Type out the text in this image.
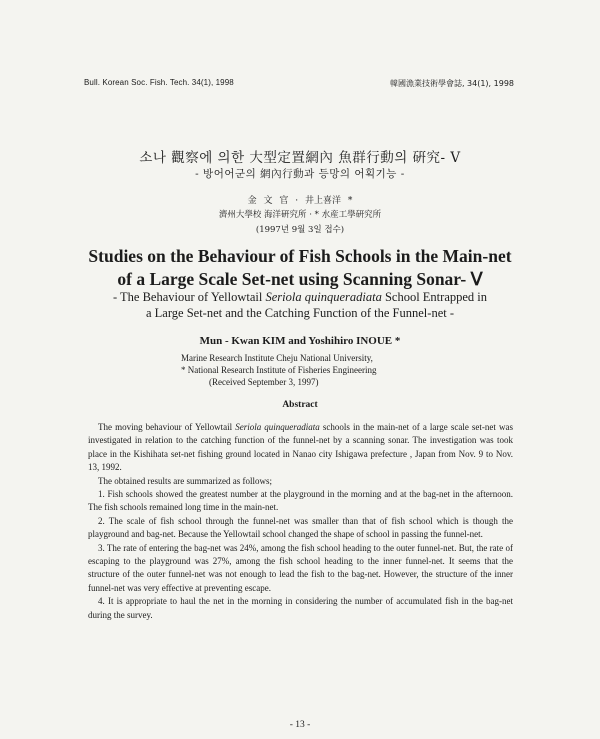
Bull. Korean Soc. Fish. Tech. 34(1), 1998	韓國漁業技術學會誌, 34(1), 1998
소나 觀察에 의한 大型定置網內 魚群行動의 硏究- Ⅴ
- 방어어군의 網內行動과 등망의 어획기능 -
金 文 官 · 井上喜洋 *
濟州大學校 海洋硏究所 · * 水産工學硏究所
(1997년 9월 3일 접수)
Studies on the Behaviour of Fish Schools in the Main-net
of a Large Scale Set-net using Scanning Sonar- Ⅴ
- The Behaviour of Yellowtail Seriola quinqueradiata School Entrapped in
a Large Set-net and the Catching Function of the Funnel-net -
Mun - Kwan KIM and Yoshihiro INOUE *
Marine Research Institute Cheju National University,
* National Research Institute of Fisheries Engineering
(Received September 3, 1997)
Abstract

The moving behaviour of Yellowtail Seriola quinqueradiata schools in the main-net of a large scale set-net was investigated in relation to the catching function of the funnel-net by a scanning sonar. The investigation was took place in the Kishihata set-net fishing ground located in Nanao city Ishigawa prefecture , Japan from Nov. 9 to Nov. 13, 1992.

The obtained results are summarized as follows;

1. Fish schools showed the greatest number at the playground in the morning and at the bag-net in the afternoon. The fish schools remained long time in the main-net.

2. The scale of fish school through the funnel-net was smaller than that of fish school which is though the playground and bag-net. Because the Yellowtail school changed the shape of school in passing the funnel-net.

3. The rate of entering the bag-net was 24%, among the fish school heading to the outer funnel-net. But, the rate of escaping to the playground was 27%, among the fish school heading to the inner funnel-net. It seems that the structure of the outer funnel-net was not enough to lead the fish to the bag-net. However, the structure of the inner funnel-net was very effective at preventing escape.

4. It is appropriate to haul the net in the morning in considering the number of accumulated fish in the bag-net during the survey.

- 13 -
